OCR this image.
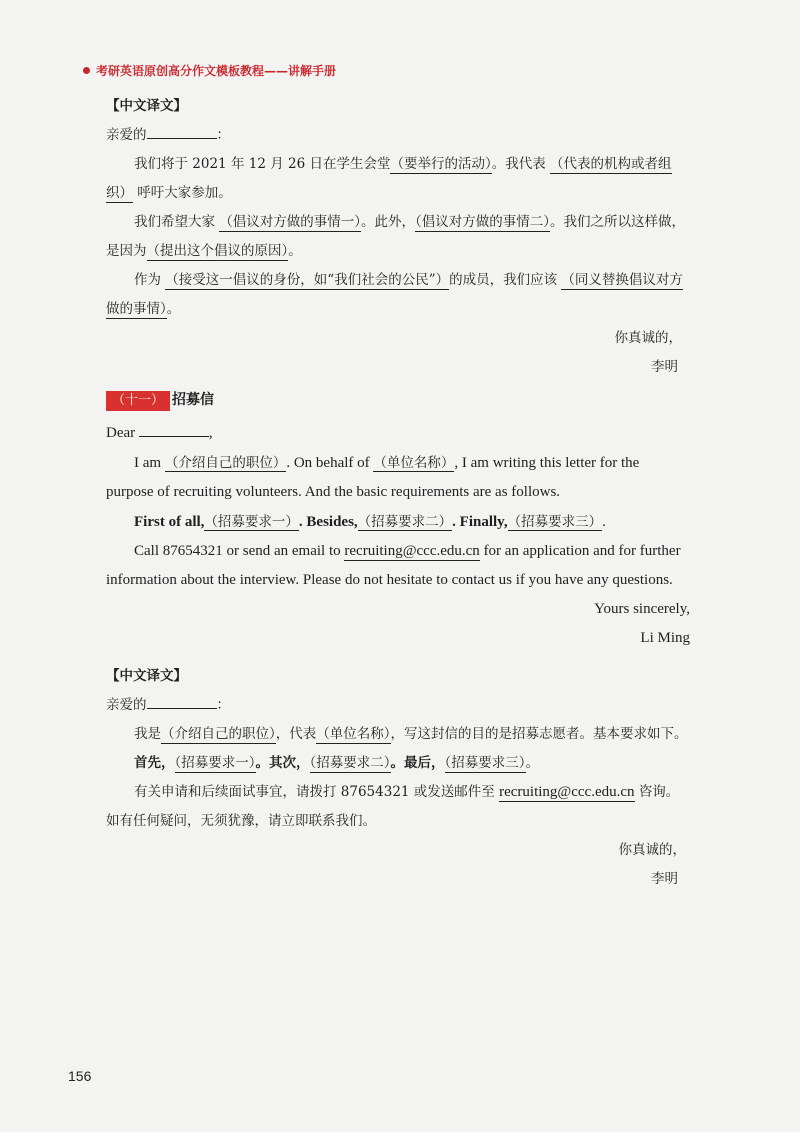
考研英语原创高分作文模板教程——讲解手册
【中文译文】
亲爱的	：
我们将于 2021 年 12 月 26 日在学生会堂（要举行的活动）。我代表 （代表的机构或者组织） 呼吁大家参加。
我们希望大家 （倡议对方做的事情一）。此外，（倡议对方做的事情二）。我们之所以这样做，是因为（提出这个倡议的原因）。
作为 （接受这一倡议的身份，如“我们社会的公民”）的成员，我们应该 （同义替换倡议对方做的事情）。
你真诚的，
李明
（十一） 招募信
Dear	,
I am （介绍自己的职位）. On behalf of （单位名称）, I am writing this letter for the purpose of recruiting volunteers. And the basic requirements are as follows.
First of all,（招募要求一）. Besides,（招募要求二）. Finally,（招募要求三）.
Call 87654321 or send an email to recruiting@ccc.edu.cn for an application and for further information about the interview. Please do not hesitate to contact us if you have any questions.
Yours sincerely,
Li Ming
【中文译文】
亲爱的	：
我是（介绍自己的职位），代表（单位名称），写这封信的目的是招募志愿者。基本要求如下。
首先，（招募要求一）。其次，（招募要求二）。最后，（招募要求三）。
有关申请和后续面试事宜，请拨打 87654321 或发送邮件至 recruiting@ccc.edu.cn 咨询。如有任何疑问，无须犹豫，请立即联系我们。
你真诚的，
李明
156
